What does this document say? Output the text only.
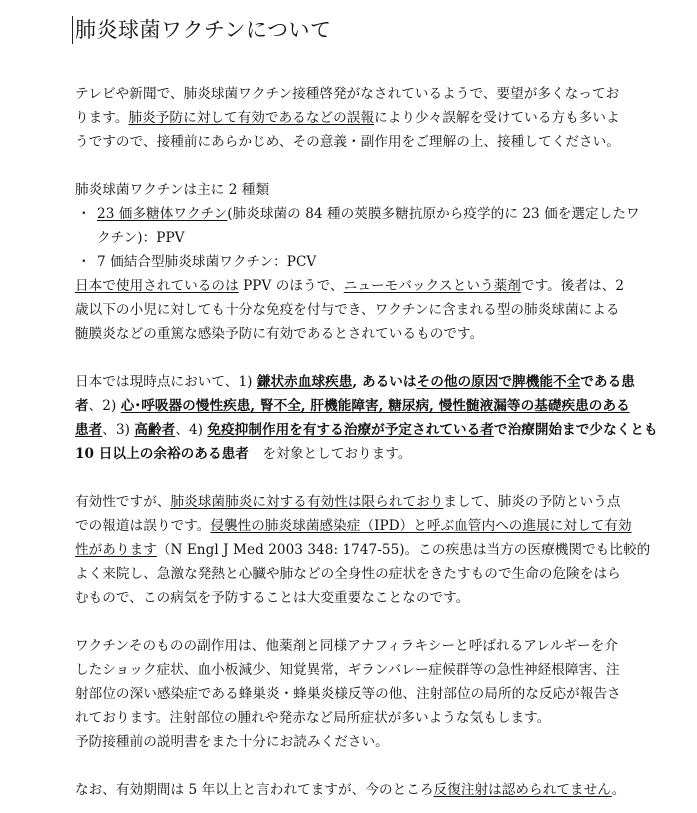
肺炎球菌ワクチンについて
テレビや新聞で、肺炎球菌ワクチン接種啓発がなされているようで、要望が多くなってお
ります。肺炎予防に対して有効であるなどの誤報により少々誤解を受けている方も多いよ
うですので、接種前にあらかじめ、その意義・副作用をご理解の上、接種してください。
肺炎球菌ワクチンは主に 2 種類
・ 23 価多糖体ワクチン(肺炎球菌の 84 種の莢膜多糖抗原から疫学的に 23 価を選定したワ
クチン)：PPV
・ 7 価結合型肺炎球菌ワクチン：PCV
日本で使用されているのは PPV のほうで、ニューモバックスという薬剤です。後者は、2
歳以下の小児に対しても十分な免疫を付与でき、ワクチンに含まれる型の肺炎球菌による
髄膜炎などの重篤な感染予防に有効であるとされているものです。
日本では現時点において、1) 鎌状赤血球疾患, あるいはその他の原因で脾機能不全である患
者、2) 心･呼吸器の慢性疾患, 腎不全, 肝機能障害, 糖尿病, 慢性髄液漏等の基礎疾患のある
患者、3) 高齢者、4) 免疫抑制作用を有する治療が予定されている者で治療開始まで少なくとも
10 日以上の余裕のある患者　を対象としております。
有効性ですが、肺炎球菌肺炎に対する有効性は限られておりまして、肺炎の予防という点
での報道は誤りです。侵襲性の肺炎球菌感染症（IPD）と呼ぶ血管内への進展に対して有効
性があります（N Engl J Med 2003 348: 1747-55)。この疾患は当方の医療機関でも比較的
よく来院し、急激な発熱と心臓や肺などの全身性の症状をきたすもので生命の危険をはら
むもので、この病気を予防することは大変重要なことなのです。
ワクチンそのものの副作用は、他薬剤と同様アナフィラキシーと呼ばれるアレルギーを介
したショック症状、血小板減少、知覚異常，ギランバレー症候群等の急性神経根障害、注
射部位の深い感染症である蜂巣炎・蜂巣炎様反等の他、注射部位の局所的な反応が報告さ
れております。注射部位の腫れや発赤など局所症状が多いような気もします。
予防接種前の説明書をまた十分にお読みください。
なお、有効期間は 5 年以上と言われてますが、今のところ反復注射は認められてません。
